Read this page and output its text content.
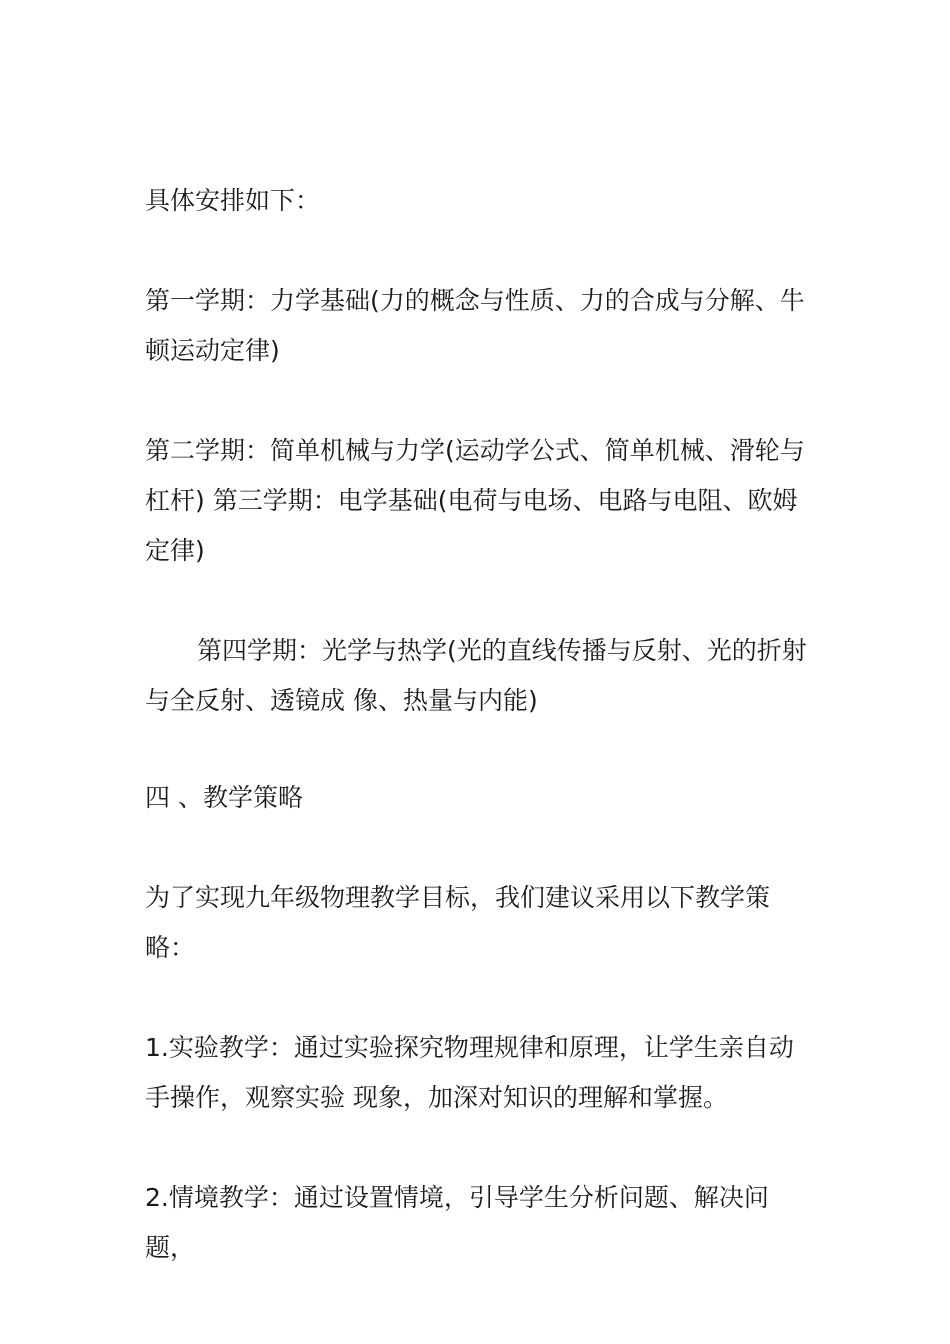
具体安排如下：

第一学期：力学基础(力的概念与性质、力的合成与分解、牛顿运动定律)

第二学期：简单机械与力学(运动学公式、简单机械、滑轮与杠杆) 第三学期：电学基础(电荷与电场、电路与电阻、欧姆定律)

第四学期：光学与热学(光的直线传播与反射、光的折射与全反射、透镜成 像、热量与内能)

四 、教学策略

为了实现九年级物理教学目标，我们建议采用以下教学策略：

1.实验教学：通过实验探究物理规律和原理，让学生亲自动手操作，观察实验 现象，加深对知识的理解和掌握。

2.情境教学：通过设置情境，引导学生分析问题、解决问题，
